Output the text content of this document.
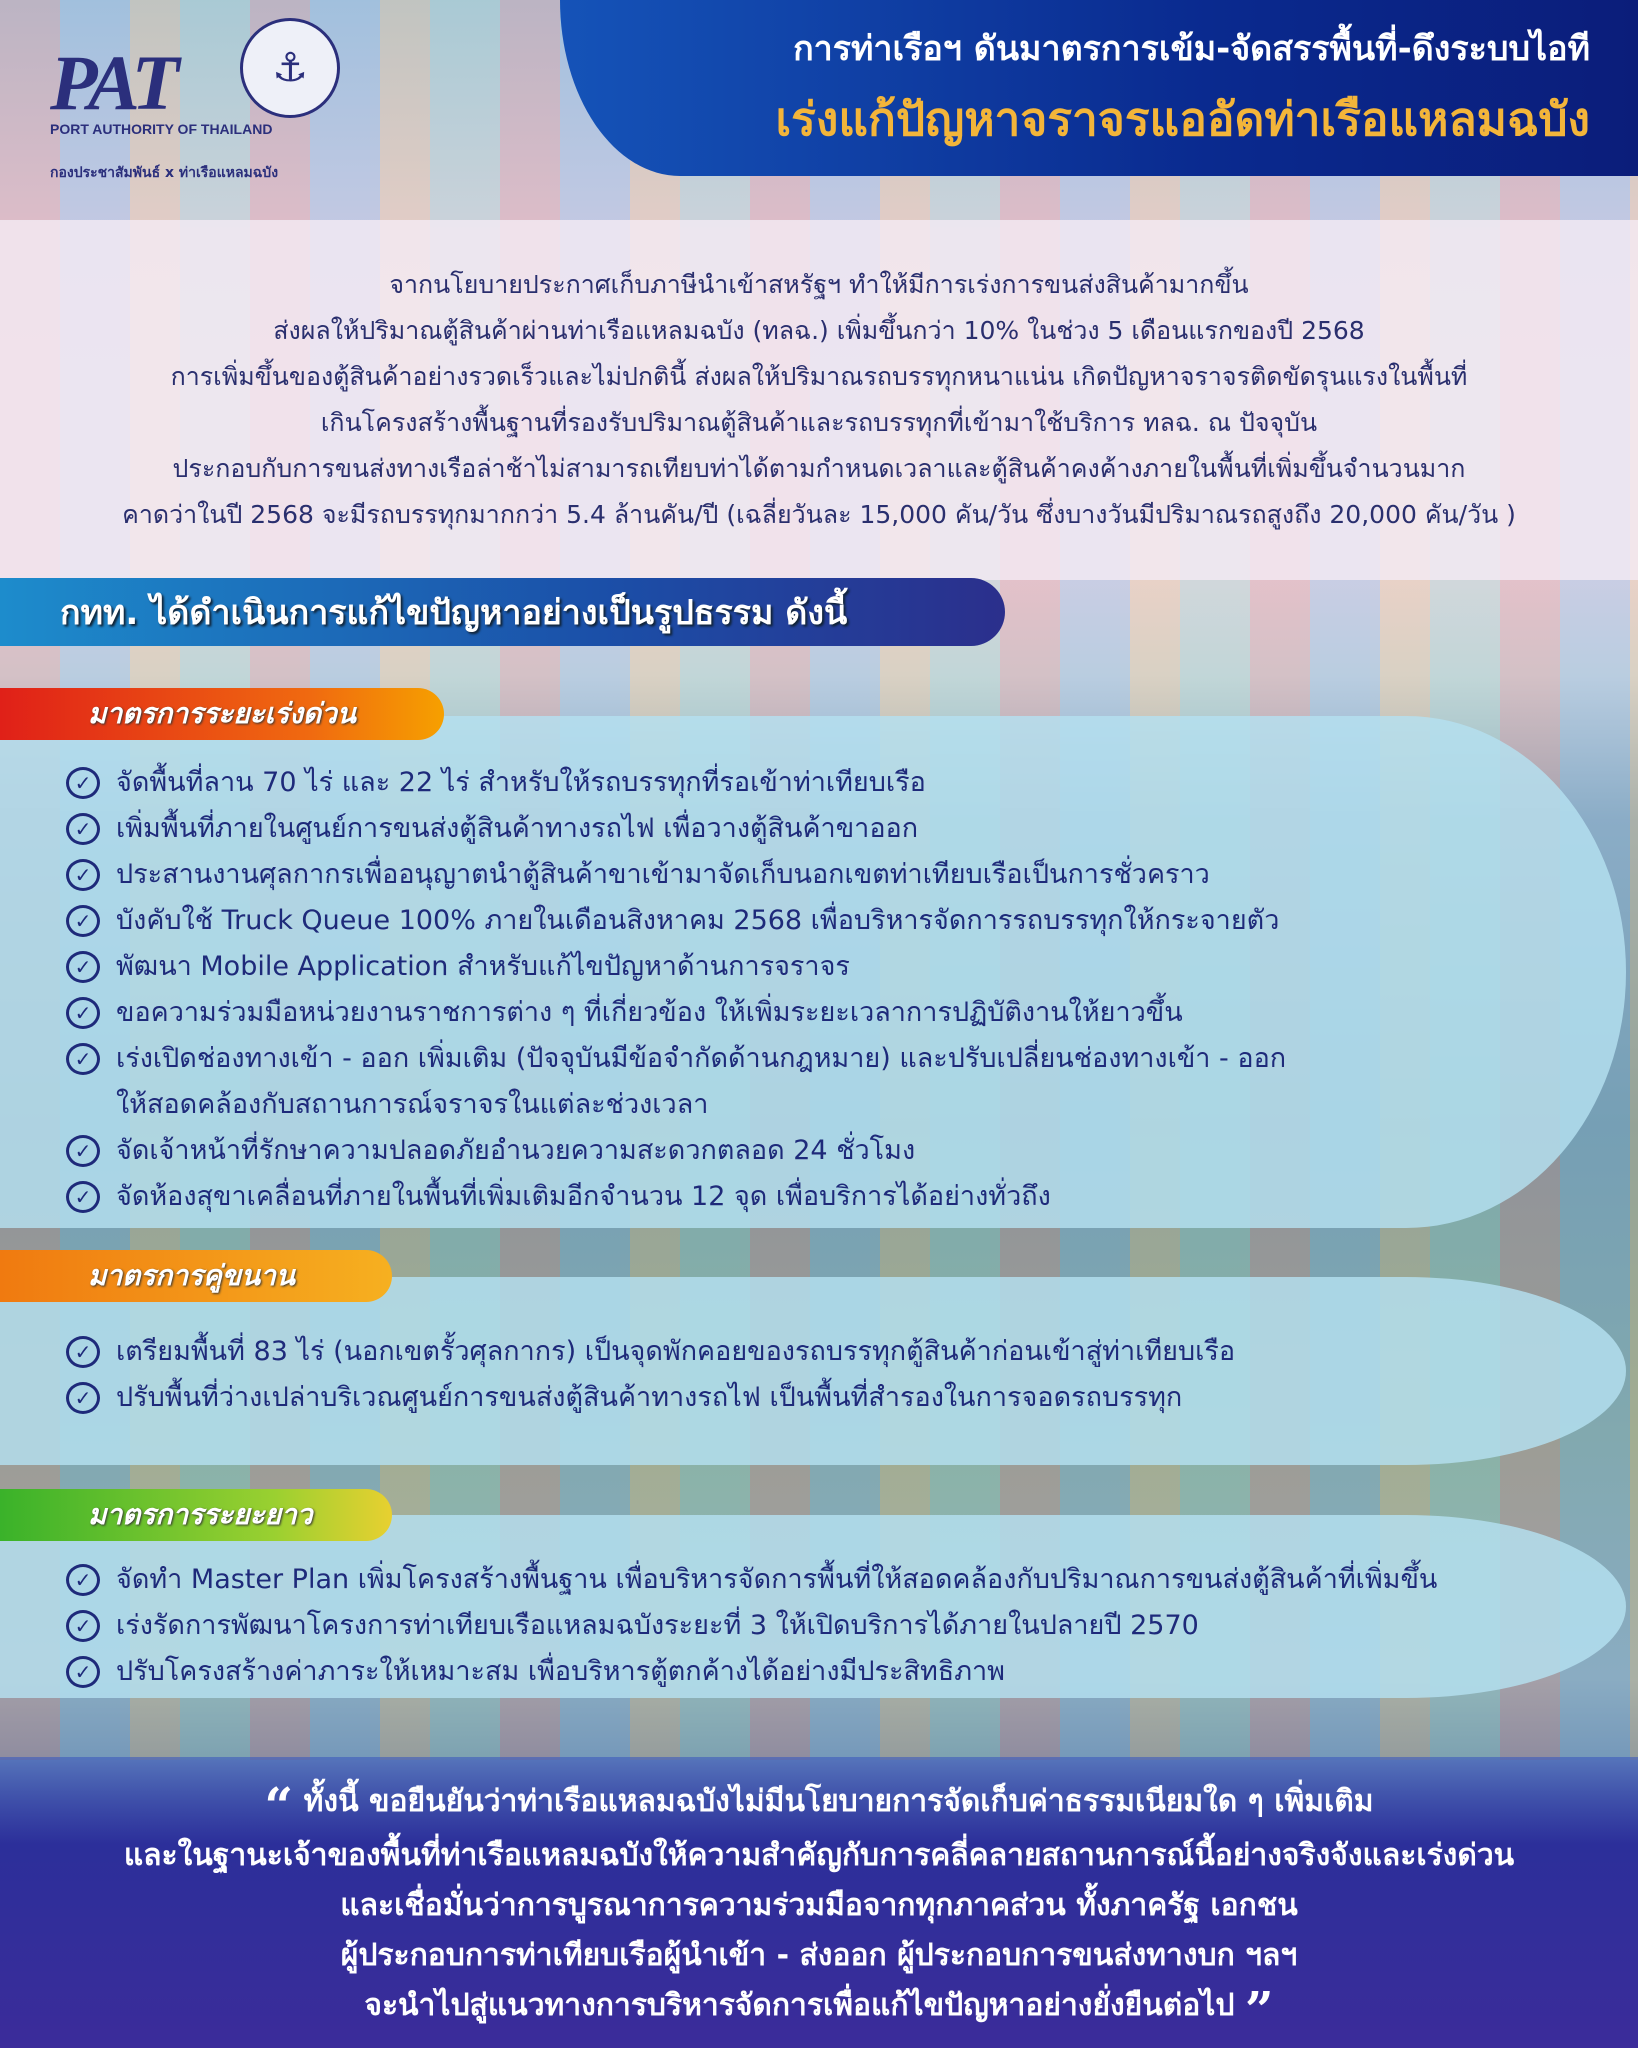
PAT	⚓
PORT AUTHORITY OF THAILAND
กองประชาสัมพันธ์ x ท่าเรือแหลมฉบัง
การท่าเรือฯ ดันมาตรการเข้ม-จัดสรรพื้นที่-ดึงระบบไอที
เร่งแก้ปัญหาจราจรแออัดท่าเรือแหลมฉบัง
จากนโยบายประกาศเก็บภาษีนำเข้าสหรัฐฯ ทำให้มีการเร่งการขนส่งสินค้ามากขึ้น
ส่งผลให้ปริมาณตู้สินค้าผ่านท่าเรือแหลมฉบัง (ทลฉ.) เพิ่มขึ้นกว่า 10% ในช่วง 5 เดือนแรกของปี 2568
การเพิ่มขึ้นของตู้สินค้าอย่างรวดเร็วและไม่ปกตินี้ ส่งผลให้ปริมาณรถบรรทุกหนาแน่น เกิดปัญหาจราจรติดขัดรุนแรงในพื้นที่
เกินโครงสร้างพื้นฐานที่รองรับปริมาณตู้สินค้าและรถบรรทุกที่เข้ามาใช้บริการ ทลฉ. ณ ปัจจุบัน
ประกอบกับการขนส่งทางเรือล่าช้าไม่สามารถเทียบท่าได้ตามกำหนดเวลาและตู้สินค้าคงค้างภายในพื้นที่เพิ่มขึ้นจำนวนมาก
คาดว่าในปี 2568 จะมีรถบรรทุกมากกว่า 5.4 ล้านคัน/ปี (เฉลี่ยวันละ 15,000 คัน/วัน ซึ่งบางวันมีปริมาณรถสูงถึง 20,000 คัน/วัน )
กทท. ได้ดำเนินการแก้ไขปัญหาอย่างเป็นรูปธรรม ดังนี้
มาตรการระยะเร่งด่วน
✓ จัดพื้นที่ลาน 70 ไร่ และ 22 ไร่ สำหรับให้รถบรรทุกที่รอเข้าท่าเทียบเรือ
✓ เพิ่มพื้นที่ภายในศูนย์การขนส่งตู้สินค้าทางรถไฟ เพื่อวางตู้สินค้าขาออก
✓ ประสานงานศุลกากรเพื่ออนุญาตนำตู้สินค้าขาเข้ามาจัดเก็บนอกเขตท่าเทียบเรือเป็นการชั่วคราว
✓ บังคับใช้ Truck Queue 100% ภายในเดือนสิงหาคม 2568 เพื่อบริหารจัดการรถบรรทุกให้กระจายตัว
✓ พัฒนา Mobile Application สำหรับแก้ไขปัญหาด้านการจราจร
✓ ขอความร่วมมือหน่วยงานราชการต่าง ๆ ที่เกี่ยวข้อง ให้เพิ่มระยะเวลาการปฏิบัติงานให้ยาวขึ้น
✓ เร่งเปิดช่องทางเข้า - ออก เพิ่มเติม (ปัจจุบันมีข้อจำกัดด้านกฎหมาย) และปรับเปลี่ยนช่องทางเข้า - ออก
ให้สอดคล้องกับสถานการณ์จราจรในแต่ละช่วงเวลา
✓ จัดเจ้าหน้าที่รักษาความปลอดภัยอำนวยความสะดวกตลอด 24 ชั่วโมง
✓ จัดห้องสุขาเคลื่อนที่ภายในพื้นที่เพิ่มเติมอีกจำนวน 12 จุด เพื่อบริการได้อย่างทั่วถึง
มาตรการคู่ขนาน
✓ เตรียมพื้นที่ 83 ไร่ (นอกเขตรั้วศุลกากร) เป็นจุดพักคอยของรถบรรทุกตู้สินค้าก่อนเข้าสู่ท่าเทียบเรือ
✓ ปรับพื้นที่ว่างเปล่าบริเวณศูนย์การขนส่งตู้สินค้าทางรถไฟ เป็นพื้นที่สำรองในการจอดรถบรรทุก
มาตรการระยะยาว
✓ จัดทำ Master Plan เพิ่มโครงสร้างพื้นฐาน เพื่อบริหารจัดการพื้นที่ให้สอดคล้องกับปริมาณการขนส่งตู้สินค้าที่เพิ่มขึ้น
✓ เร่งรัดการพัฒนาโครงการท่าเทียบเรือแหลมฉบังระยะที่ 3 ให้เปิดบริการได้ภายในปลายปี 2570
✓ ปรับโครงสร้างค่าภาระให้เหมาะสม เพื่อบริหารตู้ตกค้างได้อย่างมีประสิทธิภาพ
“ ทั้งนี้ ขอยืนยันว่าท่าเรือแหลมฉบังไม่มีนโยบายการจัดเก็บค่าธรรมเนียมใด ๆ เพิ่มเติม
และในฐานะเจ้าของพื้นที่ท่าเรือแหลมฉบังให้ความสำคัญกับการคลี่คลายสถานการณ์นี้อย่างจริงจังและเร่งด่วน
และเชื่อมั่นว่าการบูรณาการความร่วมมือจากทุกภาคส่วน ทั้งภาครัฐ เอกชน
ผู้ประกอบการท่าเทียบเรือผู้นำเข้า - ส่งออก ผู้ประกอบการขนส่งทางบก ฯลฯ
จะนำไปสู่แนวทางการบริหารจัดการเพื่อแก้ไขปัญหาอย่างยั่งยืนต่อไป ”
